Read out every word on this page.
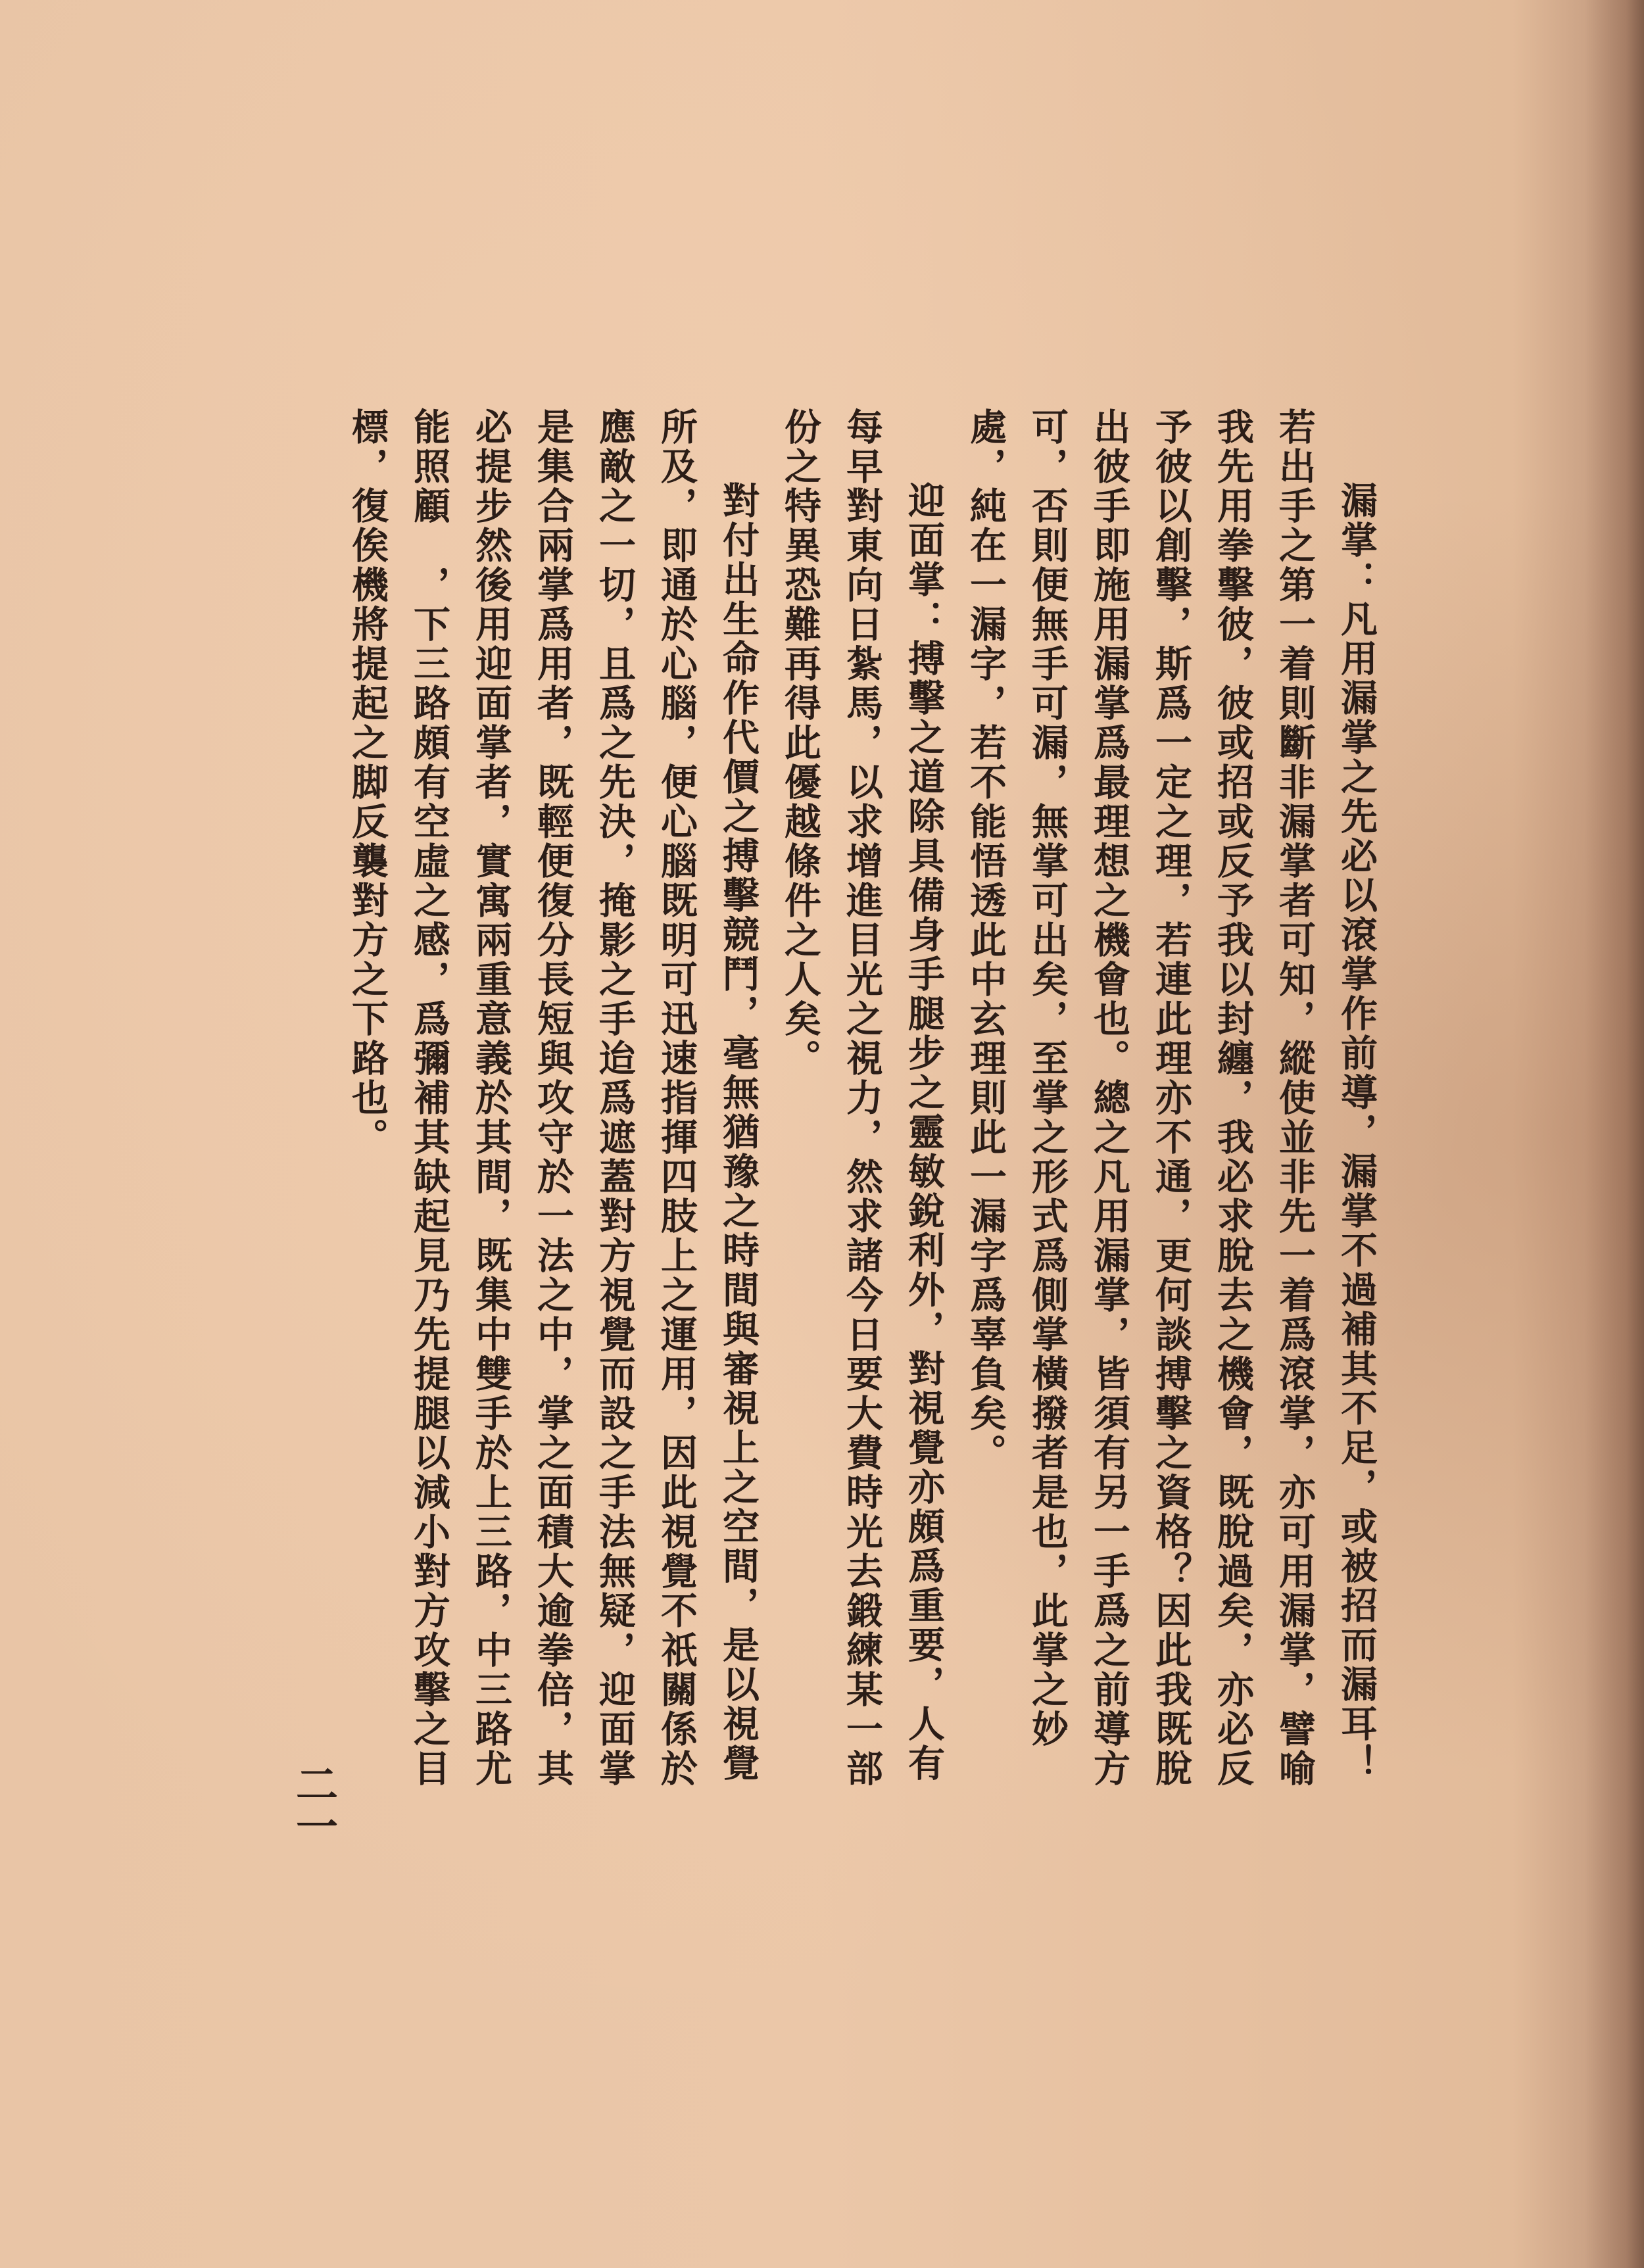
漏掌：凡用漏掌之先必以滾掌作前導，漏掌不過補其不足，或被招而漏耳！若出手之第一着則斷非漏掌者可知，縱使並非先一着爲滾掌，亦可用漏掌，譬喻我先用拳擊彼，彼或招或反予我以封纏，我必求脫去之機會，既脫過矣，亦必反予彼以創擊，斯爲一定之理，若連此理亦不通，更何談搏擊之資格？因此我既脫出彼手即施用漏掌爲最理想之機會也。總之凡用漏掌，皆須有另一手爲之前導方可，否則便無手可漏，無掌可出矣，至掌之形式爲側掌橫撥者是也，此掌之妙處，純在一漏字，若不能悟透此中玄理則此一漏字爲辜負矣。

迎面掌：搏擊之道除具備身手腿步之靈敏銳利外，對視覺亦頗爲重要，人有每早對東向日紮馬，以求增進目光之視力，然求諸今日要大費時光去鍛練某一部份之特異恐難再得此優越條件之人矣。

對付出生命作代價之搏擊競鬥，毫無猶豫之時間與審視上之空間，是以視覺所及，即通於心腦，便心腦既明可迅速指揮四肢上之運用，因此視覺不祇關係於應敵之一切，且爲之先決，掩影之手迨爲遮蓋對方視覺而設之手法無疑，迎面掌是集合兩掌爲用者，既輕便復分長短與攻守於一法之中，掌之面積大逾拳倍，其必提步然後用迎面掌者，實寓兩重意義於其間，既集中雙手於上三路，中三路尤能照顧　，下三路頗有空虛之感，爲彌補其缺起見乃先提腿以減小對方攻擊之目標，復俟機將提起之脚反襲對方之下路也。

二一
